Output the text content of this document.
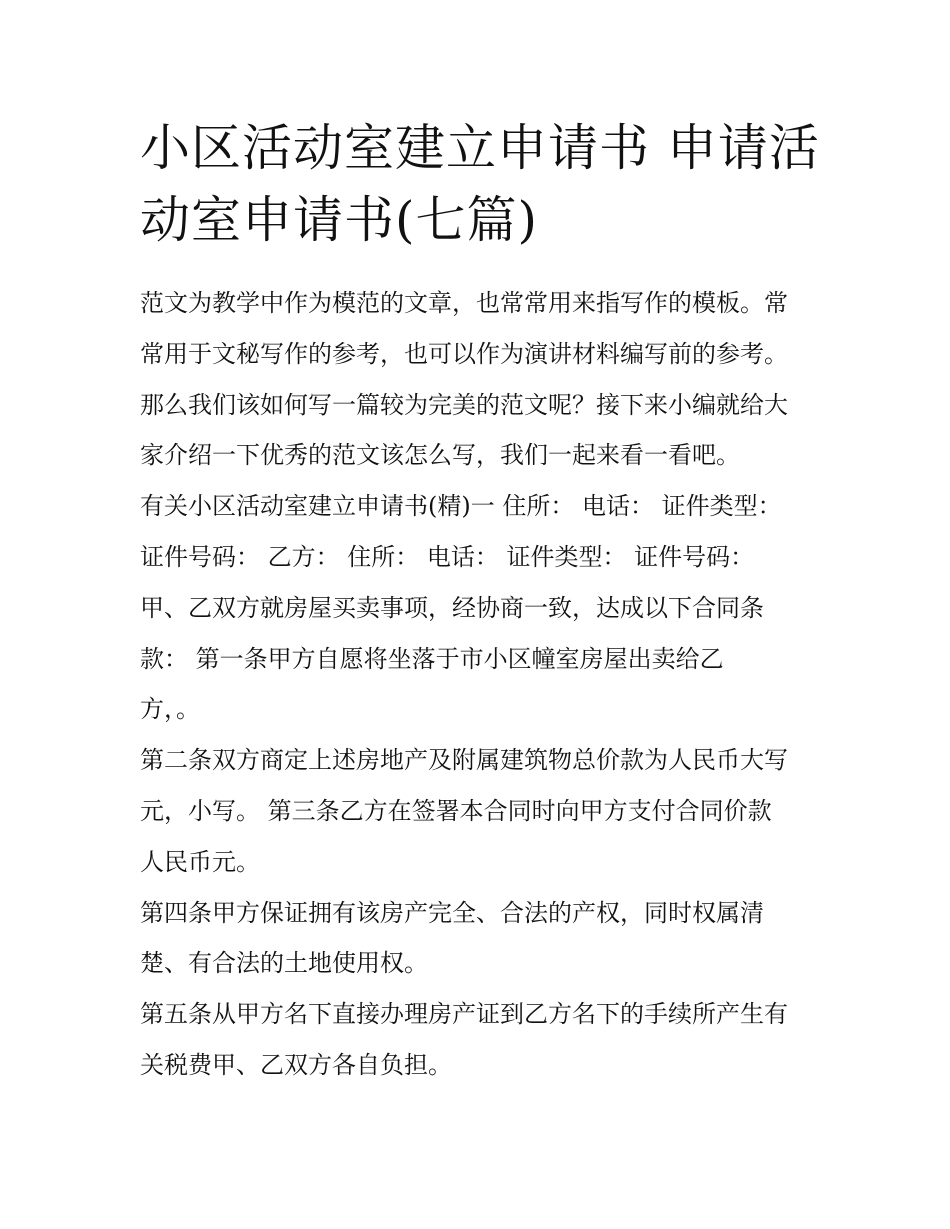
小区活动室建立申请书 申请活
动室申请书(七篇)
范文为教学中作为模范的文章，也常常用来指写作的模板。常
常用于文秘写作的参考，也可以作为演讲材料编写前的参考。
那么我们该如何写一篇较为完美的范文呢？接下来小编就给大
家介绍一下优秀的范文该怎么写，我们一起来看一看吧。
有关小区活动室建立申请书(精)一 住所： 电话： 证件类型：
证件号码： 乙方： 住所： 电话： 证件类型： 证件号码：
甲、乙双方就房屋买卖事项，经协商一致，达成以下合同条
款： 第一条甲方自愿将坐落于市小区幢室房屋出卖给乙
方，。
第二条双方商定上述房地产及附属建筑物总价款为人民币大写
元，小写。 第三条乙方在签署本合同时向甲方支付合同价款
人民币元。
第四条甲方保证拥有该房产完全、合法的产权，同时权属清
楚、有合法的土地使用权。
第五条从甲方名下直接办理房产证到乙方名下的手续所产生有
关税费甲、乙双方各自负担。
